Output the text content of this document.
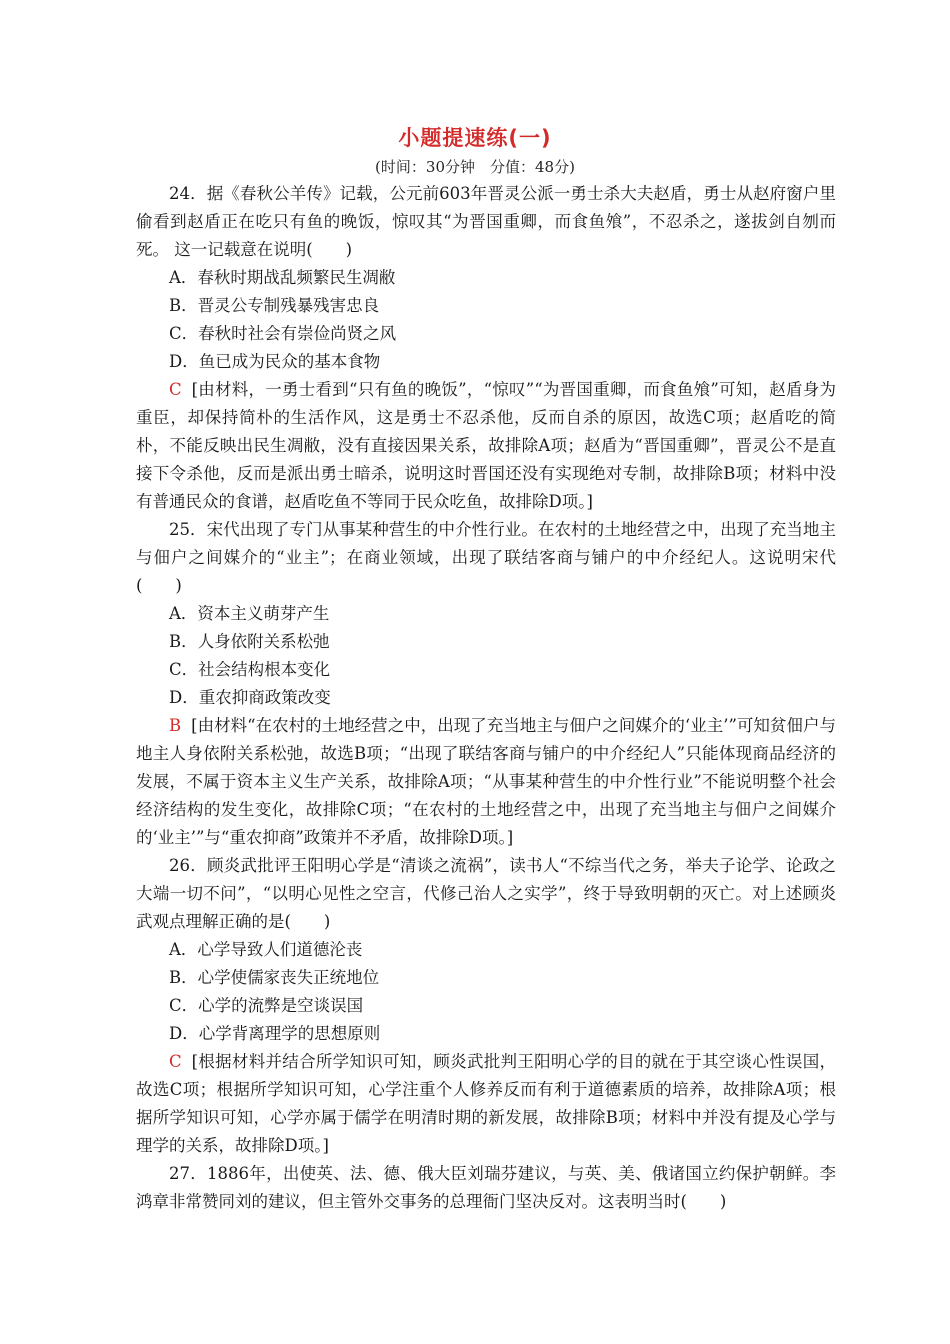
小题提速练(一)
(时间：30分钟　分值：48分)

24．据《春秋公羊传》记载，公元前603年晋灵公派一勇士杀大夫赵盾，勇士从赵府窗户里偷看到赵盾正在吃只有鱼的晚饭，惊叹其“为晋国重卿，而食鱼飧”，不忍杀之，遂拔剑自刎而死。 这一记载意在说明(　　)

A．春秋时期战乱频繁民生凋敝

B．晋灵公专制残暴残害忠良

C．春秋时社会有崇俭尚贤之风

D．鱼已成为民众的基本食物

C [由材料，一勇士看到“只有鱼的晚饭”，“惊叹”“为晋国重卿，而食鱼飧”可知，赵盾身为重臣，却保持简朴的生活作风，这是勇士不忍杀他，反而自杀的原因，故选C项；赵盾吃的简朴，不能反映出民生凋敝，没有直接因果关系，故排除A项；赵盾为“晋国重卿”，晋灵公不是直接下令杀他，反而是派出勇士暗杀，说明这时晋国还没有实现绝对专制，故排除B项；材料中没有普通民众的食谱，赵盾吃鱼不等同于民众吃鱼，故排除D项。]

25．宋代出现了专门从事某种营生的中介性行业。在农村的土地经营之中，出现了充当地主与佃户之间媒介的“业主”；在商业领域，出现了联结客商与铺户的中介经纪人。这说明宋代(　　)

A．资本主义萌芽产生

B．人身依附关系松弛

C．社会结构根本变化

D．重农抑商政策改变

B [由材料“在农村的土地经营之中，出现了充当地主与佃户之间媒介的‘业主’”可知贫佃户与地主人身依附关系松弛，故选B项；“出现了联结客商与铺户的中介经纪人”只能体现商品经济的发展，不属于资本主义生产关系，故排除A项；“从事某种营生的中介性行业”不能说明整个社会经济结构的发生变化，故排除C项；“在农村的土地经营之中，出现了充当地主与佃户之间媒介的‘业主’”与“重农抑商”政策并不矛盾，故排除D项。]

26．顾炎武批评王阳明心学是“清谈之流祸”，读书人“不综当代之务，举夫子论学、论政之大端一切不问”，“以明心见性之空言，代修己治人之实学”，终于导致明朝的灭亡。对上述顾炎武观点理解正确的是(　　)

A．心学导致人们道德沦丧

B．心学使儒家丧失正统地位

C．心学的流弊是空谈误国

D．心学背离理学的思想原则

C [根据材料并结合所学知识可知，顾炎武批判王阳明心学的目的就在于其空谈心性误国，故选C项；根据所学知识可知，心学注重个人修养反而有利于道德素质的培养，故排除A项；根据所学知识可知，心学亦属于儒学在明清时期的新发展，故排除B项；材料中并没有提及心学与理学的关系，故排除D项。]

27．1886年，出使英、法、德、俄大臣刘瑞芬建议，与英、美、俄诸国立约保护朝鲜。李鸿章非常赞同刘的建议，但主管外交事务的总理衙门坚决反对。这表明当时(　　)
